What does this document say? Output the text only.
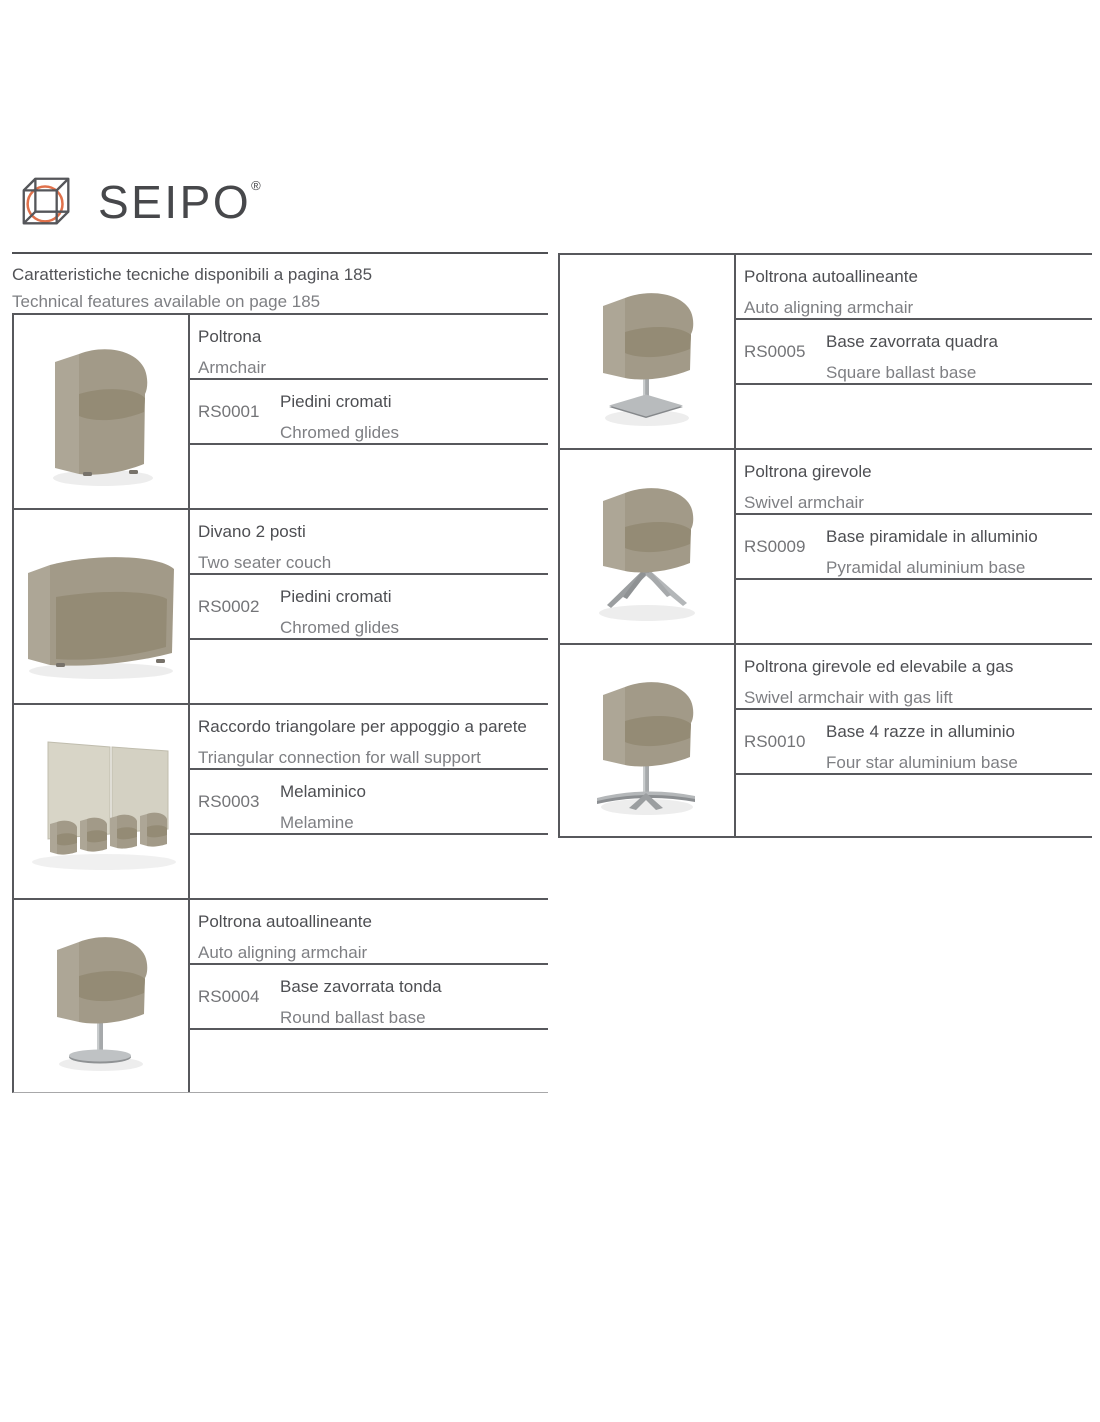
SEIPO®
Caratteristiche tecniche disponibili a pagina 185
Technical features available on page 185
Poltrona
Armchair
RS0001	Piedini cromati
Chromed glides
Divano 2 posti
Two seater couch
RS0002	Piedini cromati
Chromed glides
Raccordo triangolare per appoggio a parete
Triangular connection for wall support
RS0003	Melaminico
Melamine
Poltrona autoallineante
Auto aligning armchair
RS0004	Base zavorrata tonda
Round ballast base
Poltrona autoallineante
Auto aligning armchair
RS0005	Base zavorrata quadra
Square ballast base
Poltrona girevole
Swivel armchair
RS0009	Base piramidale in alluminio
Pyramidal aluminium base
Poltrona girevole ed elevabile a gas
Swivel armchair with gas lift
RS0010	Base 4 razze in alluminio
Four star aluminium base
